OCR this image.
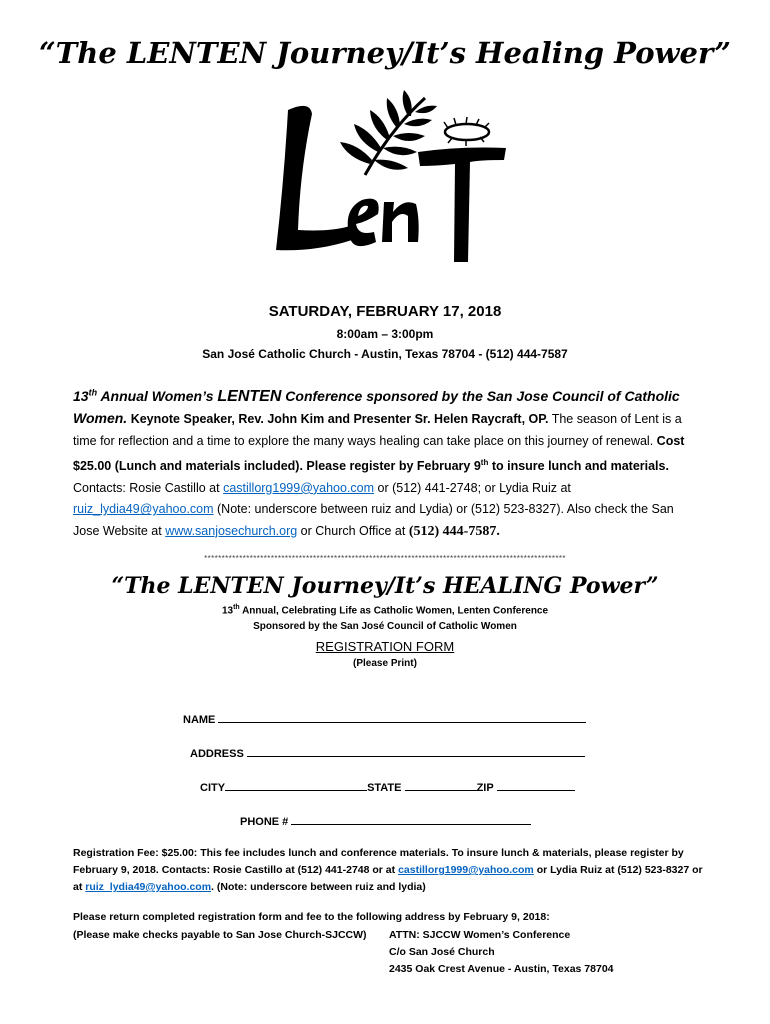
“The LENTEN Journey/It’s Healing Power”
SATURDAY, FEBRUARY 17, 2018
8:00am – 3:00pm
San José Catholic Church - Austin, Texas 78704 - (512) 444-7587
13th Annual Women’s LENTEN Conference sponsored by the San Jose Council of Catholic Women. Keynote Speaker, Rev. John Kim and Presenter Sr. Helen Raycraft, OP. The season of Lent is a time for reflection and a time to explore the many ways healing can take place on this journey of renewal. Cost $25.00 (Lunch and materials included). Please register by February 9th to insure lunch and materials. Contacts: Rosie Castillo at castillorg1999@yahoo.com or (512) 441-2748; or Lydia Ruiz at ruiz_lydia49@yahoo.com (Note: underscore between ruiz and Lydia) or (512) 523-8327). Also check the San Jose Website at www.sanjosechurch.org or Church Office at (512) 444-7587.
*******************************************************************************************************
“The LENTEN Journey/It’s HEALING Power”
13th Annual, Celebrating Life as Catholic Women, Lenten Conference
Sponsored by the San José Council of Catholic Women
REGISTRATION FORM
(Please Print)
NAME
ADDRESS
CITY	STATE	ZIP
PHONE #
Registration Fee: $25.00: This fee includes lunch and conference materials. To insure lunch & materials, please register by February 9, 2018. Contacts: Rosie Castillo at (512) 441-2748 or at castillorg1999@yahoo.com or Lydia Ruiz at (512) 523-8327 or at ruiz_lydia49@yahoo.com. (Note: underscore between ruiz and lydia)
Please return completed registration form and fee to the following address by February 9, 2018:
(Please make checks payable to San Jose Church-SJCCW) ATTN: SJCCW Women’s Conference
C/o San José Church
2435 Oak Crest Avenue - Austin, Texas 78704
